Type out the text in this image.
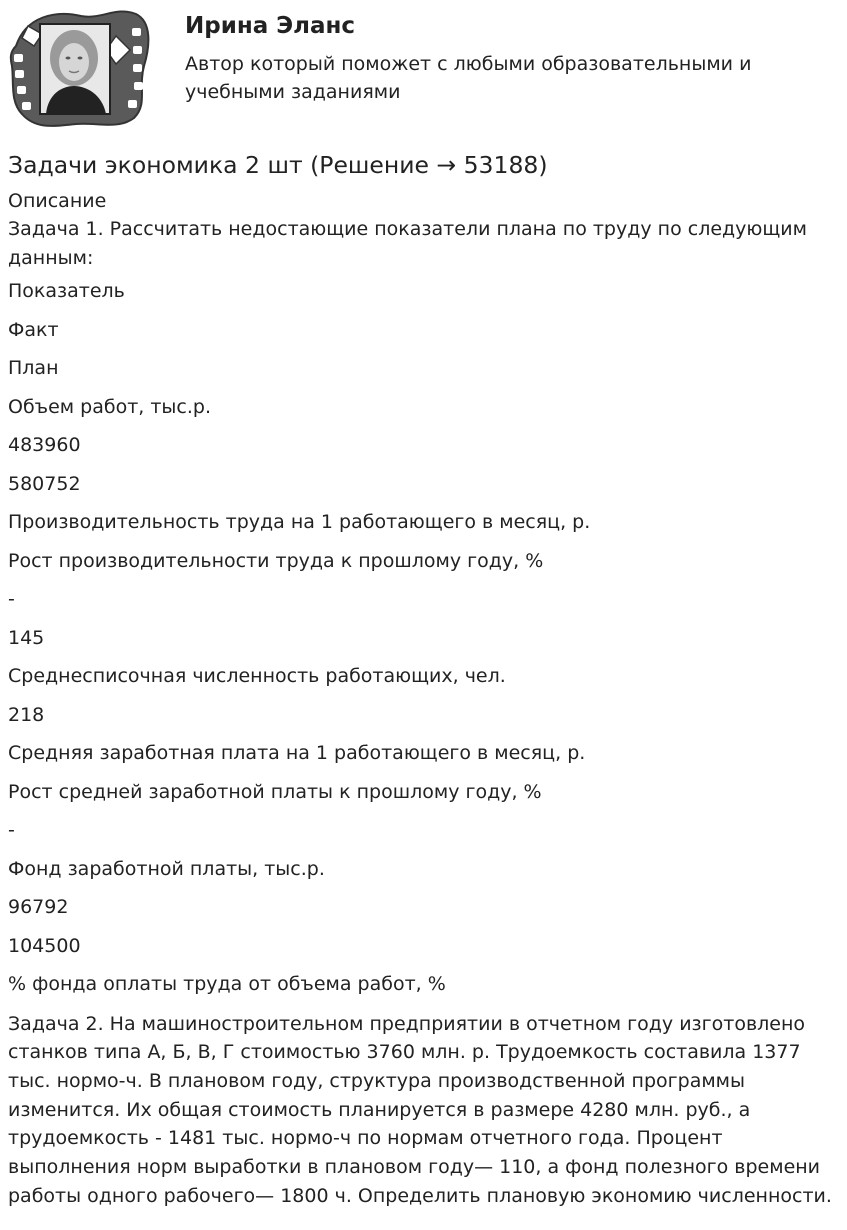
Ирина Эланс
Автор который поможет с любыми образовательными и учебными заданиями
Задачи экономика 2 шт (Решение → 53188)
Описание

Задача 1. Рассчитать недостающие показатели плана по труду по следующим данным:

Показатель
Факт
План
Объем работ, тыс.р.
483960
580752
Производительность труда на 1 работающего в месяц, р.
Рост производительности труда к прошлому году, %
-
145
Среднесписочная численность работающих, чел.
218
Средняя заработная плата на 1 работающего в месяц, р.
Рост средней заработной платы к прошлому году, %
-
Фонд заработной платы, тыс.р.
96792
104500
% фонда оплаты труда от объема работ, %

Задача 2. На машиностроительном предприятии в отчетном году изготовлено станков типа А, Б, В, Г стоимостью 3760 млн. р. Трудоемкость составила 1377 тыс. нормо-ч. В плановом году, структура производственной программы изменится. Их общая стоимость планируется в размере 4280 млн. руб., а трудоемкость - 1481 тыс. нормо-ч по нормам отчетного года. Процент выполнения норм выработки в плановом году— 110, а фонд полезного времени работы одного рабочего— 1800 ч. Определить плановую экономию численности.
